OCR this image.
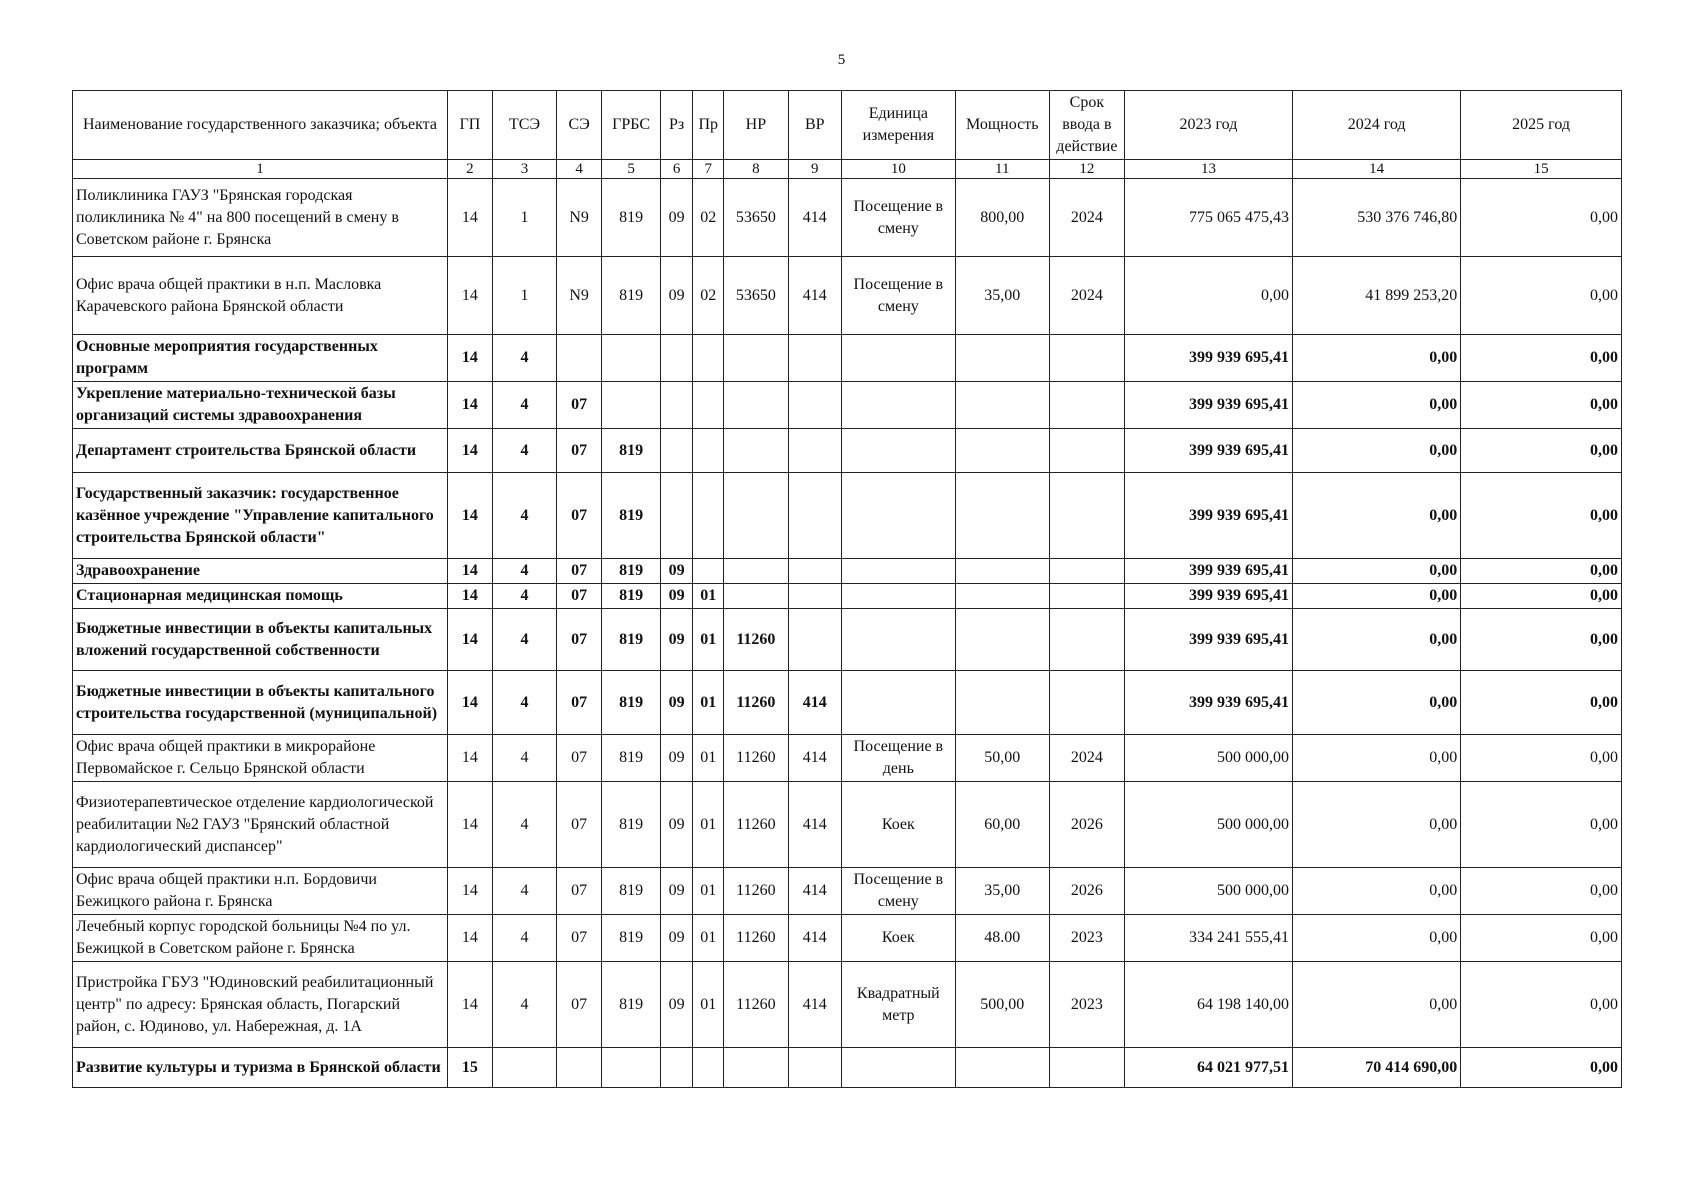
5
Наименование государственного заказчика; объекта	ГП	ТСЭ	СЭ	ГРБС	Рз	Пр	НР	ВР	Единица измерения	Мощность	Срок ввода в действие	2023 год	2024 год	2025 год
1	2	3	4	5	6	7	8	9	10	11	12	13	14	15
Поликлиника ГАУЗ "Брянская городская поликлиника № 4" на 800 посещений в смену в Советском районе г. Брянска	14	1	N9	819	09	02	53650	414	Посещение в смену	800,00	2024	775 065 475,43	530 376 746,80	0,00
Офис врача общей практики в н.п. Масловка Карачевского района Брянской области	14	1	N9	819	09	02	53650	414	Посещение в смену	35,00	2024	0,00	41 899 253,20	0,00
Основные мероприятия государственных программ	14	4										399 939 695,41	0,00	0,00
Укрепление материально-технической базы организаций системы здравоохранения	14	4	07									399 939 695,41	0,00	0,00
Департамент строительства Брянской области	14	4	07	819								399 939 695,41	0,00	0,00
Государственный заказчик: государственное казённое учреждение "Управление капитального строительства Брянской области"	14	4	07	819								399 939 695,41	0,00	0,00
Здравоохранение	14	4	07	819	09							399 939 695,41	0,00	0,00
Стационарная медицинская помощь	14	4	07	819	09	01						399 939 695,41	0,00	0,00
Бюджетные инвестиции в объекты капитальных вложений государственной собственности	14	4	07	819	09	01	11260					399 939 695,41	0,00	0,00
Бюджетные инвестиции в объекты капитального строительства государственной (муниципальной)	14	4	07	819	09	01	11260	414				399 939 695,41	0,00	0,00
Офис врача общей практики в микрорайоне Первомайское г. Сельцо Брянской области	14	4	07	819	09	01	11260	414	Посещение в день	50,00	2024	500 000,00	0,00	0,00
Физиотерапевтическое отделение кардиологической реабилитации №2 ГАУЗ "Брянский областной кардиологический диспансер"	14	4	07	819	09	01	11260	414	Коек	60,00	2026	500 000,00	0,00	0,00
Офис врача общей практики н.п. Бордовичи Бежицкого района г. Брянска	14	4	07	819	09	01	11260	414	Посещение в смену	35,00	2026	500 000,00	0,00	0,00
Лечебный корпус городской больницы №4 по ул. Бежицкой в Советском районе г. Брянска	14	4	07	819	09	01	11260	414	Коек	48.00	2023	334 241 555,41	0,00	0,00
Пристройка ГБУЗ "Юдиновский реабилитационный центр" по адресу: Брянская область, Погарский район, с. Юдиново, ул. Набережная, д. 1А	14	4	07	819	09	01	11260	414	Квадратный метр	500,00	2023	64 198 140,00	0,00	0,00
Развитие культуры и туризма в Брянской области	15											64 021 977,51	70 414 690,00	0,00
